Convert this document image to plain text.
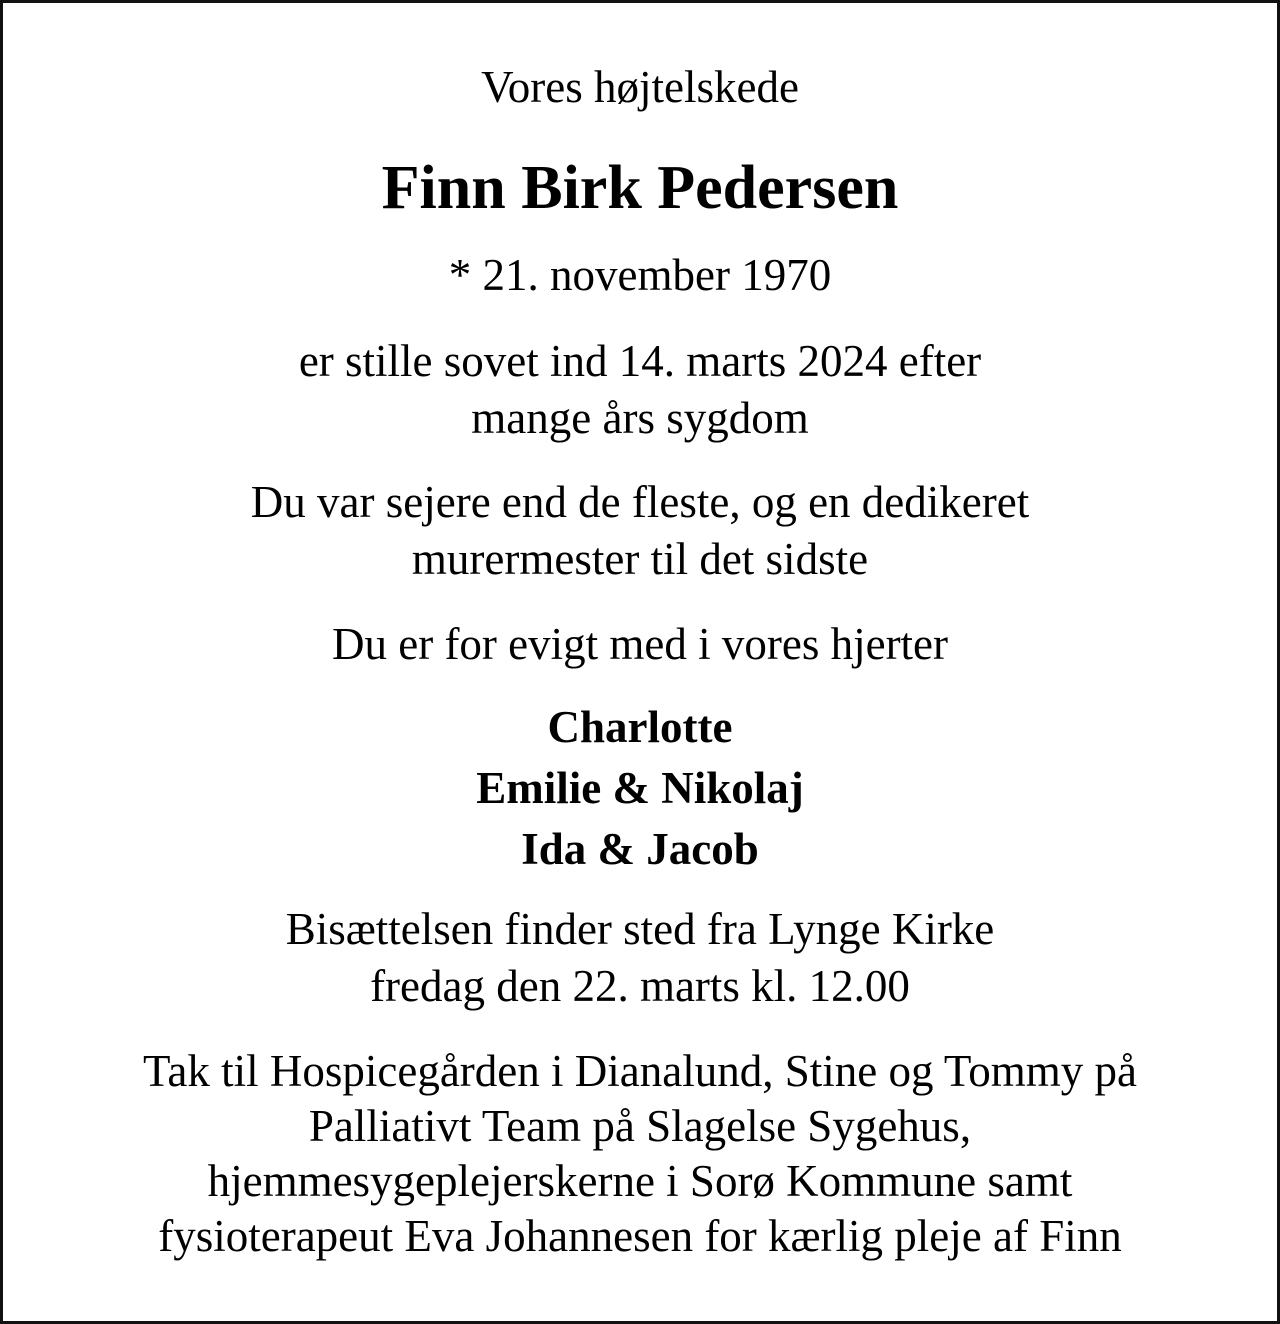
Vores højtelskede

Finn Birk Pedersen

* 21. november 1970

er stille sovet ind 14. marts 2024 efter
mange års sygdom
Du var sejere end de fleste, og en dedikeret
murermester til det sidste

Du er for evigt med i vores hjerter

Charlotte
Emilie & Nikolaj
Ida & Jacob
Bisættelsen finder sted fra Lynge Kirke
fredag den 22. marts kl. 12.00
Tak til Hospicegården i Dianalund, Stine og Tommy på
Palliativt Team på Slagelse Sygehus,
hjemmesygeplejerskerne i Sorø Kommune samt
fysioterapeut Eva Johannesen for kærlig pleje af Finn
